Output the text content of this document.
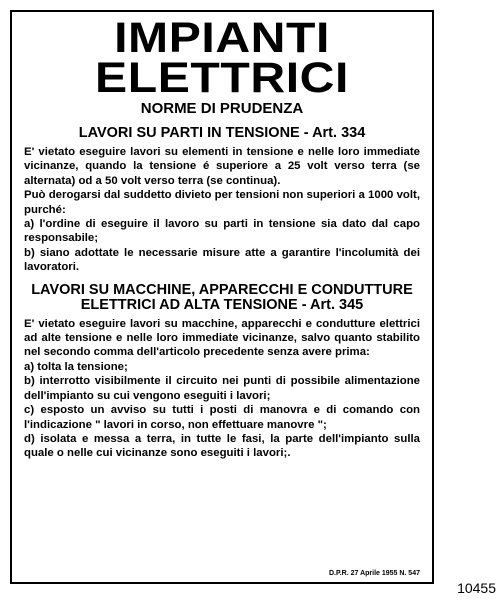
IMPIANTI
ELETTRICI
NORME DI PRUDENZA
LAVORI SU PARTI IN TENSIONE - Art. 334

E' vietato eseguire lavori su elementi in tensione e nelle loro immediate vicinanze, quando la tensione é superiore a 25 volt verso terra (se alternata) od a 50 volt verso terra (se continua).

Può derogarsi dal suddetto divieto per tensioni non superiori a 1000 volt, purché:

a) l'ordine di eseguire il lavoro su parti in tensione sia dato dal capo responsabile;

b) siano adottate le necessarie misure atte a garantire l'incolumità dei lavoratori.

LAVORI SU MACCHINE, APPARECCHI E CONDUTTURE ELETTRICI AD ALTA TENSIONE - Art. 345

E' vietato eseguire lavori su macchine, apparecchi e condutture elettrici ad alte tensione e nelle loro immediate vicinanze, salvo quanto stabilito nel secondo comma dell'articolo precedente senza avere prima:

a) tolta la tensione;

b) interrotto visibilmente il circuito nei punti di possibile alimentazione dell'impianto su cui vengono eseguiti i lavori;

c) esposto un avviso su tutti i posti di manovra e di comando con l'indicazione " lavori in corso, non effettuare manovre ";

d) isolata e messa a terra, in tutte le fasi, la parte dell'impianto sulla quale o nelle cui vicinanze sono eseguiti i lavori;.

D.P.R. 27 Aprile 1955 N. 547
10455
